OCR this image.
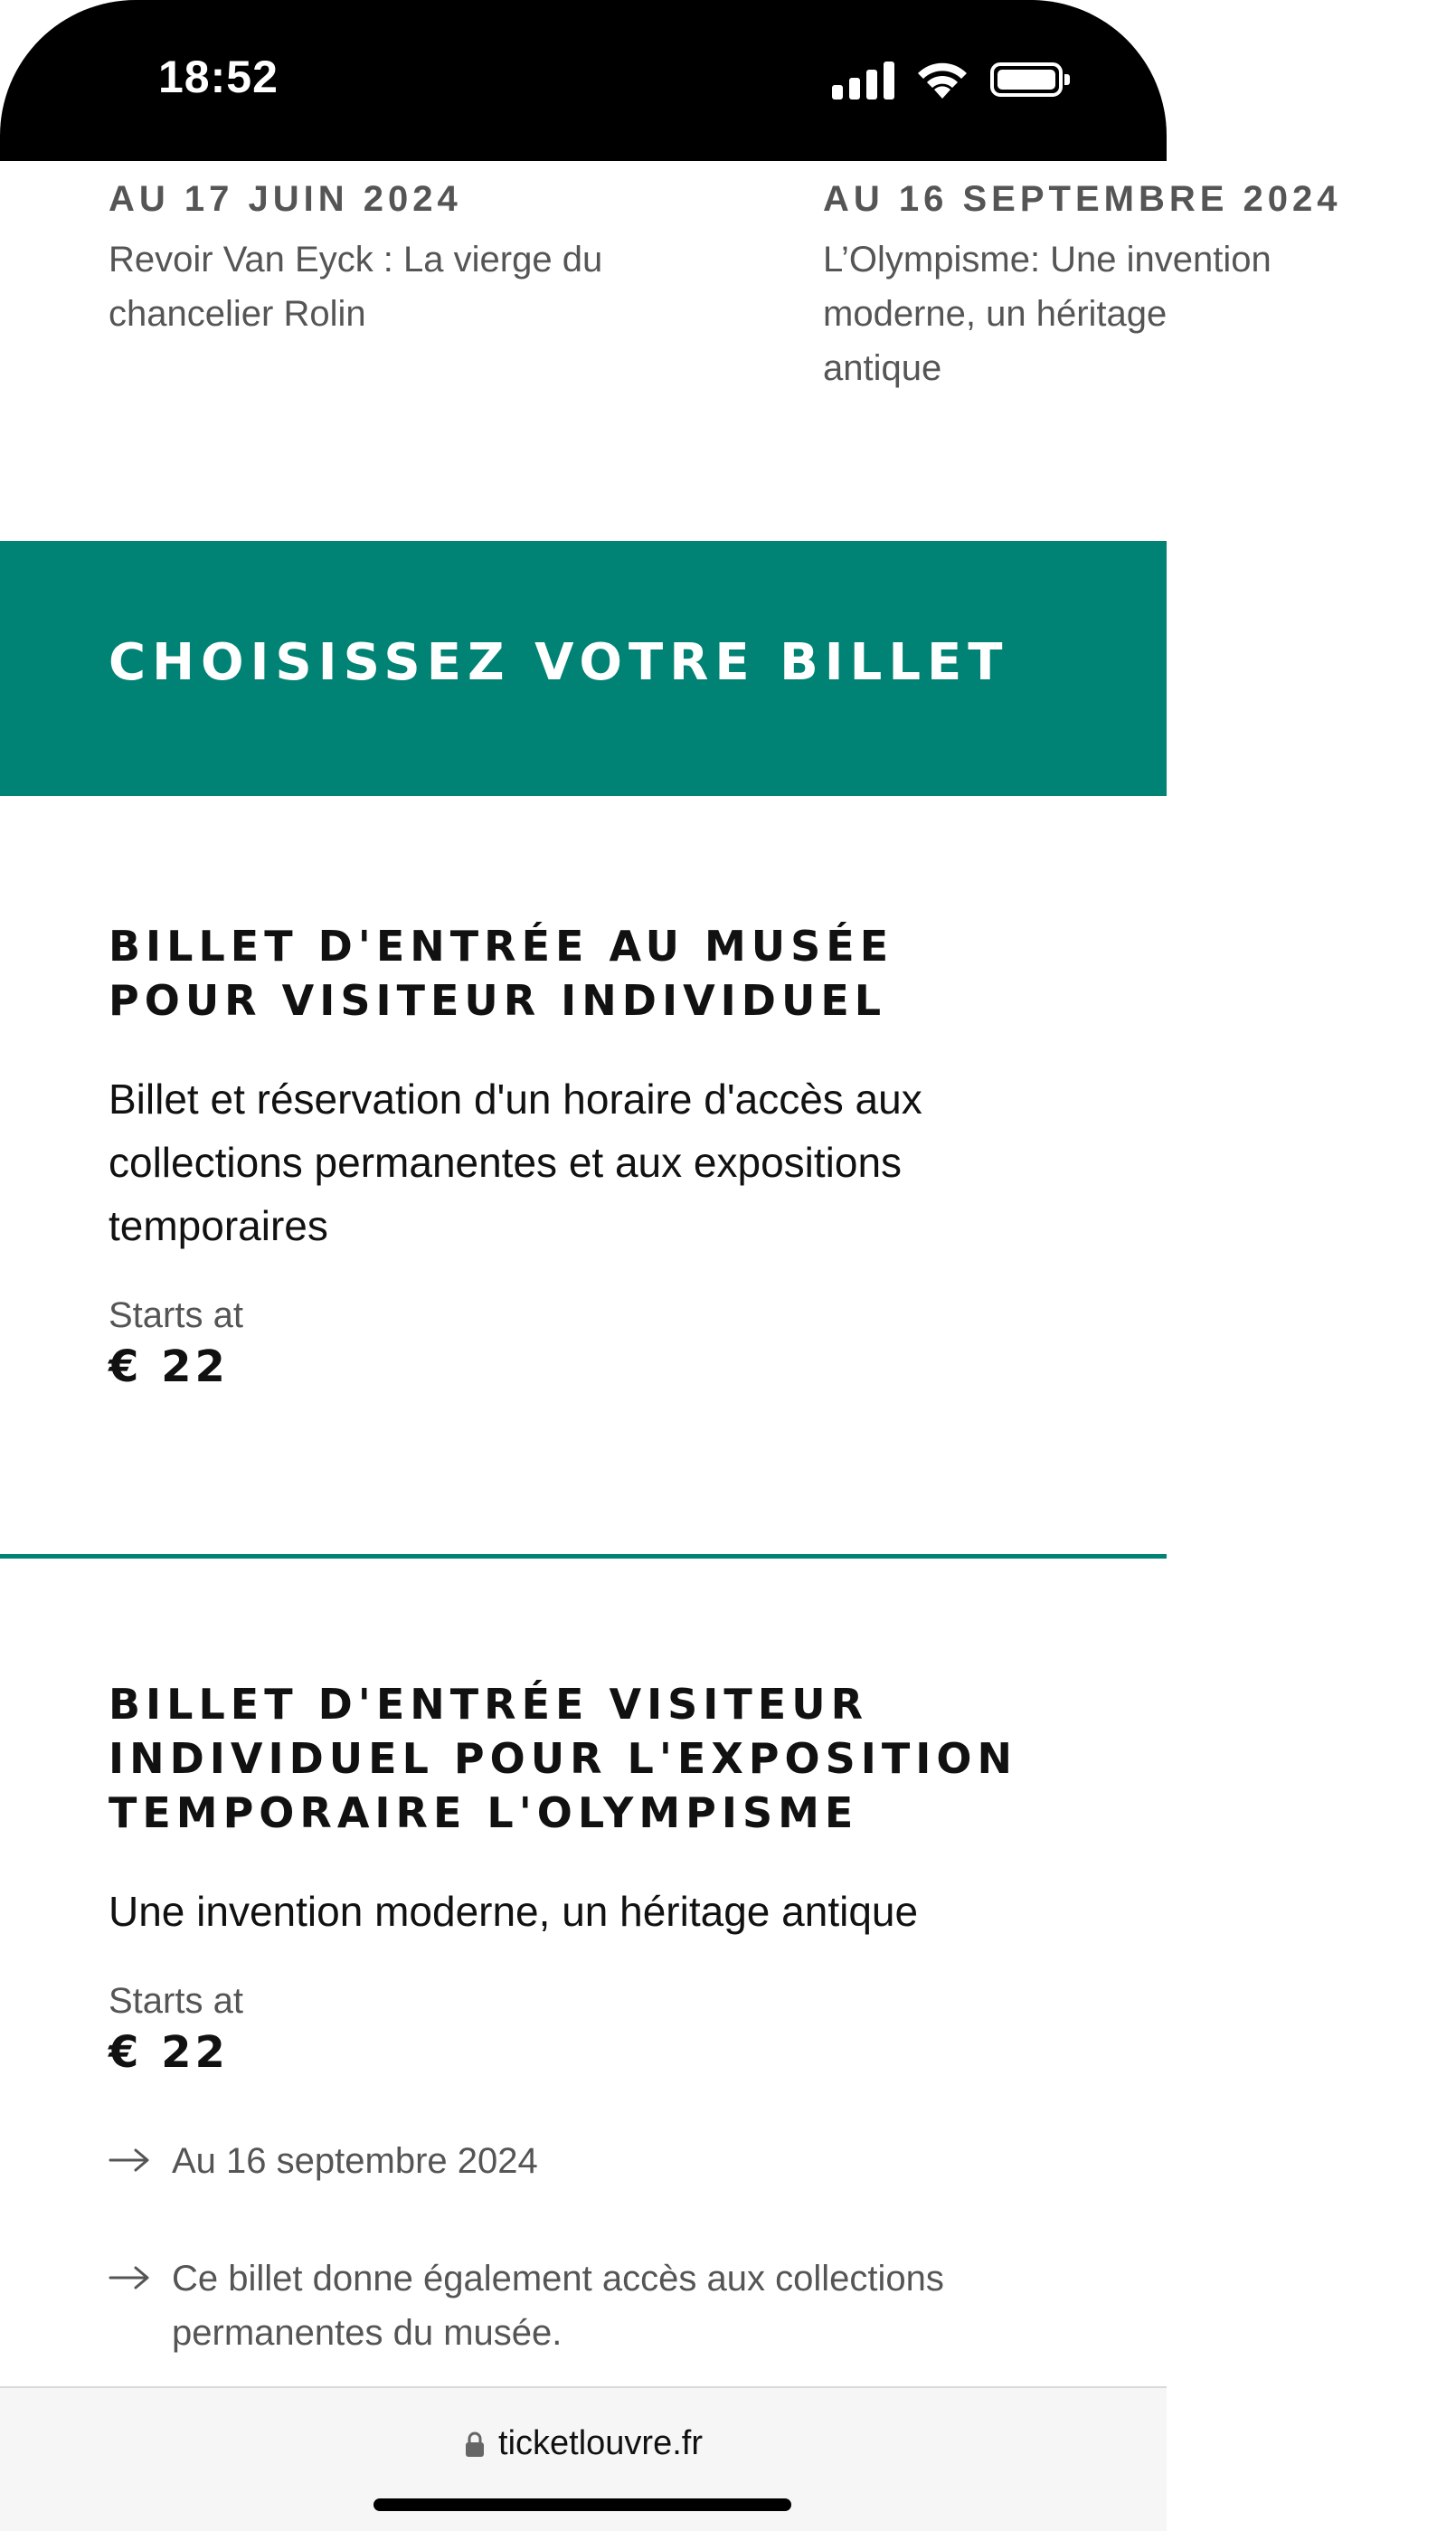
18:52
AU 17 JUIN 2024
Revoir Van Eyck : La vierge du chancelier Rolin
AU 16 SEPTEMBRE 2024
L’Olympisme: Une invention moderne, un héritage antique
CHOISISSEZ VOTRE BILLET
BILLET D'ENTRÉE AU MUSÉE POUR VISITEUR INDIVIDUEL
Billet et réservation d'un horaire d'accès aux collections permanentes et aux expositions temporaires
Starts at
€ 22
BILLET D'ENTRÉE VISITEUR INDIVIDUEL POUR L'EXPOSITION TEMPORAIRE L'OLYMPISME
Une invention moderne, un héritage antique
Starts at
€ 22
Au 16 septembre 2024
Ce billet donne également accès aux collections permanentes du musée.
ticketlouvre.fr
